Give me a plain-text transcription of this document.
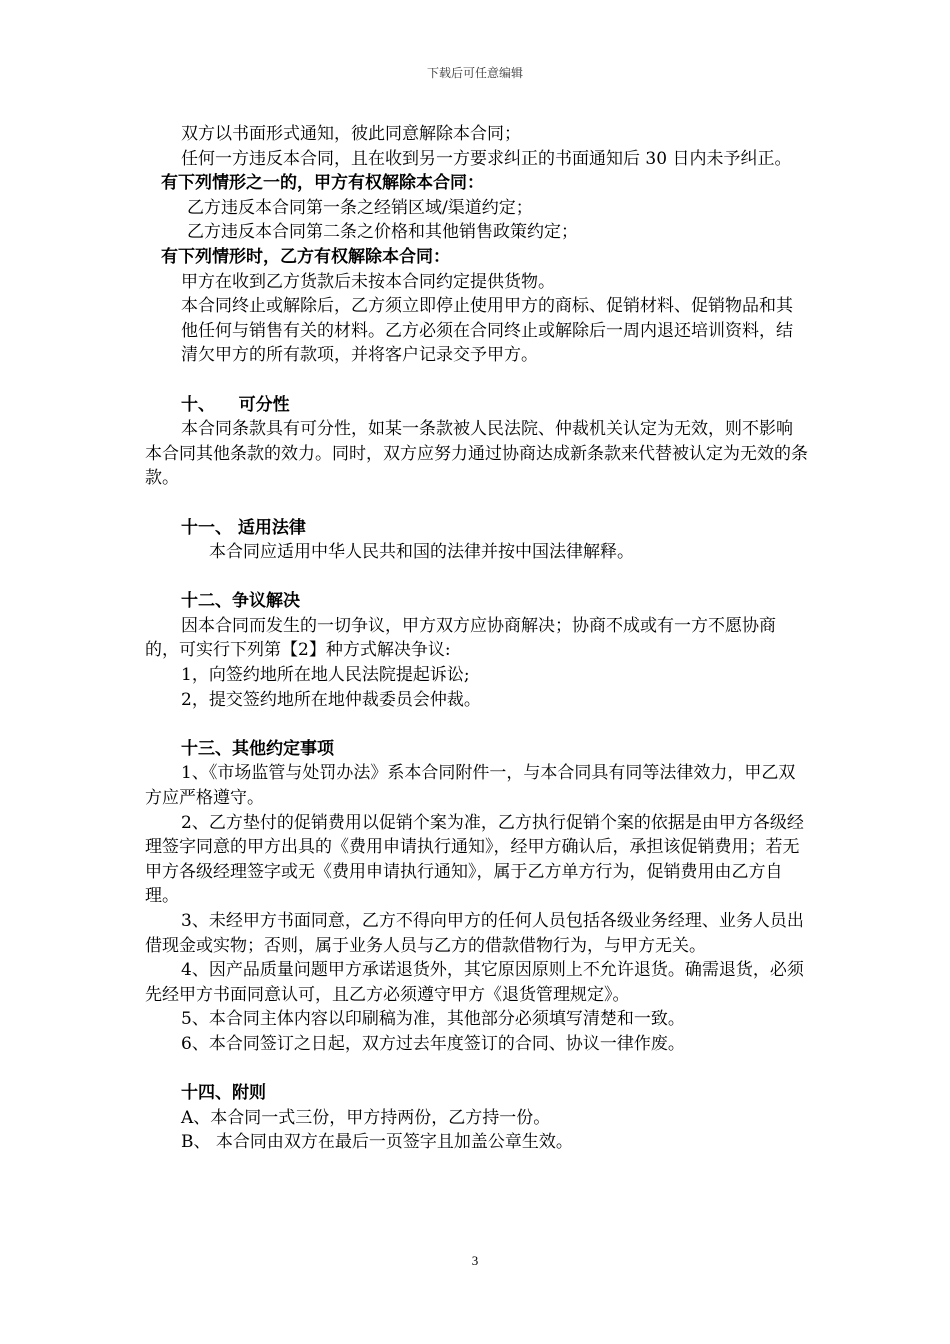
下载后可任意编辑

双方以书面形式通知，彼此同意解除本合同；

任何一方违反本合同，且在收到另一方要求纠正的书面通知后 30 日内未予纠正。

有下列情形之一的，甲方有权解除本合同：

乙方违反本合同第一条之经销区域/渠道约定；

乙方违反本合同第二条之价格和其他销售政策约定；

有下列情形时，乙方有权解除本合同：

甲方在收到乙方货款后未按本合同约定提供货物。

本合同终止或解除后，乙方须立即停止使用甲方的商标、促销材料、促销物品和其他任何与销售有关的材料。乙方必须在合同终止或解除后一周内退还培训资料，结清欠甲方的所有款项，并将客户记录交予甲方。

十、    可分性

本合同条款具有可分性，如某一条款被人民法院、仲裁机关认定为无效，则不影响本合同其他条款的效力。同时，双方应努力通过协商达成新条款来代替被认定为无效的条款。

十一、 适用法律

本合同应适用中华人民共和国的法律并按中国法律解释。

十二、争议解决

因本合同而发生的一切争议，甲方双方应协商解决；协商不成或有一方不愿协商的，可实行下列第【2】种方式解决争议:

1，向签约地所在地人民法院提起诉讼;

2，提交签约地所在地仲裁委员会仲裁。

十三、其他约定事项

1、《市场监管与处罚办法》系本合同附件一，与本合同具有同等法律效力，甲乙双方应严格遵守。

2、乙方垫付的促销费用以促销个案为准，乙方执行促销个案的依据是由甲方各级经理签字同意的甲方出具的《费用申请执行通知》，经甲方确认后，承担该促销费用；若无甲方各级经理签字或无《费用申请执行通知》，属于乙方单方行为，促销费用由乙方自理。

3、未经甲方书面同意，乙方不得向甲方的任何人员包括各级业务经理、业务人员出借现金或实物；否则，属于业务人员与乙方的借款借物行为，与甲方无关。

4、因产品质量问题甲方承诺退货外，其它原因原则上不允许退货。确需退货，必须先经甲方书面同意认可，且乙方必须遵守甲方《退货管理规定》。

5、本合同主体内容以印刷稿为准，其他部分必须填写清楚和一致。

6、本合同签订之日起，双方过去年度签订的合同、协议一律作废。

十四、附则

A、本合同一式三份，甲方持两份，乙方持一份。

B、 本合同由双方在最后一页签字且加盖公章生效。

3
